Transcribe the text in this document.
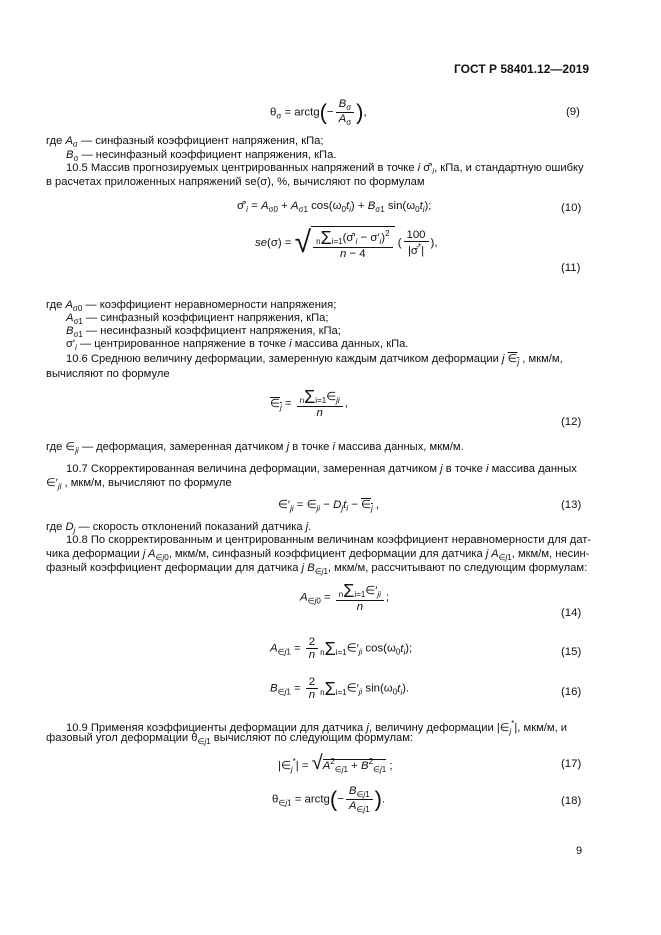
ГОСТ Р 58401.12—2019
$\theta_\sigma$ = arctg(− $\frac{B_\sigma}{A_\sigma}$ ),	(9)
где $A_\sigma$ — синфазный коэффициент напряжения, кПа;
$B_\sigma$ — несинфазный коэффициент напряжения, кПа.
10.5 Массив прогнозируемых центрированных напряжений в точке i $\sigmâ'_i$, кПа, и стандартную ошибку
в расчетах приложенных напряжений se(σ), %, вычисляют по формулам
$\sigmâ'_i = A_{\sigma 0} + A_{\sigma 1}$ $\cos(\omega_0t_i) + B_{\sigma 1}$ $\sin(\omega_0t_i)$;	(10)
se(σ) = √ $\frac{n\Sigma i=1(\sigmâ'_i - \sigma'_i)^2}{n - 4}$ ( $\frac{100}{|\sigmā^*|}$ ),
(11)
где $A_{\sigma 0}$ — коэффициент неравномерности напряжения;
$A_{\sigma 1}$ — синфазный коэффициент напряжения, кПа;
$B_{\sigma 1}$ — несинфазный коэффициент напряжения, кПа;
$\sigma'_i$ — центрированное напряжение в точке i массива данных, кПа.
10.6 Среднюю величину деформации, замеренную каждым датчиком деформации j $\in_j$ , мкм/м,
вычисляют по формуле
$\in_j = \frac{n\Sigma i=1\in_{ji}}{n}$ ,
(12)
где $\in_{ji}$ — деформация, замеренная датчиком j в точке i массива данных, мкм/м.
10.7 Скорректированная величина деформации, замеренная датчиком j в точке i массива данных
$\in'_{ji}$ , мкм/м, вычисляют по формуле
$\in'_{ji}$ = $\in_{ji} - D_jt_i$ − $\in_j$ ,	(13)
где $D_j$ — скорость отклонений показаний датчика j.
10.8 По скорректированным и центрированным величинам коэффициент неравномерности для дат-
чика деформации j $A_{\in j0}$, мкм/м, синфазный коэффициент деформации для датчика j $A_{\in j1}$, мкм/м, несин-
фазный коэффициент деформации для датчика j $B_{\in j1}$, мкм/м, рассчитывают по следующим формулам:
$A_{\in j0} = \frac{n\Sigma i=1\in'_{ji}}{n}$ ;
(14)
$A_{\in j1} = \frac{2}{n}$ $n\Sigma i=1\in'_{ji}$ $\cos(\omega_0t_i)$;	(15)
$B_{\in j1} = \frac{2}{n}$ $n\Sigma i=1\in'_{ji}$ $\sin(\omega_0t_i)$.	(16)
10.9 Применяя коэффициенты деформации для датчика j, величину деформации $|\in_j^*|$, мкм/м, и
фазовый угол деформации $\theta_{\in j1}$ вычисляют по следующим формулам:
$|\in_j^*| = √A^2_{\in j1} + B^2_{\in j1}$ ;	(17)
$\theta_{\in j1}$ = arctg(− $\frac{B_{\in j1}}{A_{\in j1}}$ ).	(18)
9
